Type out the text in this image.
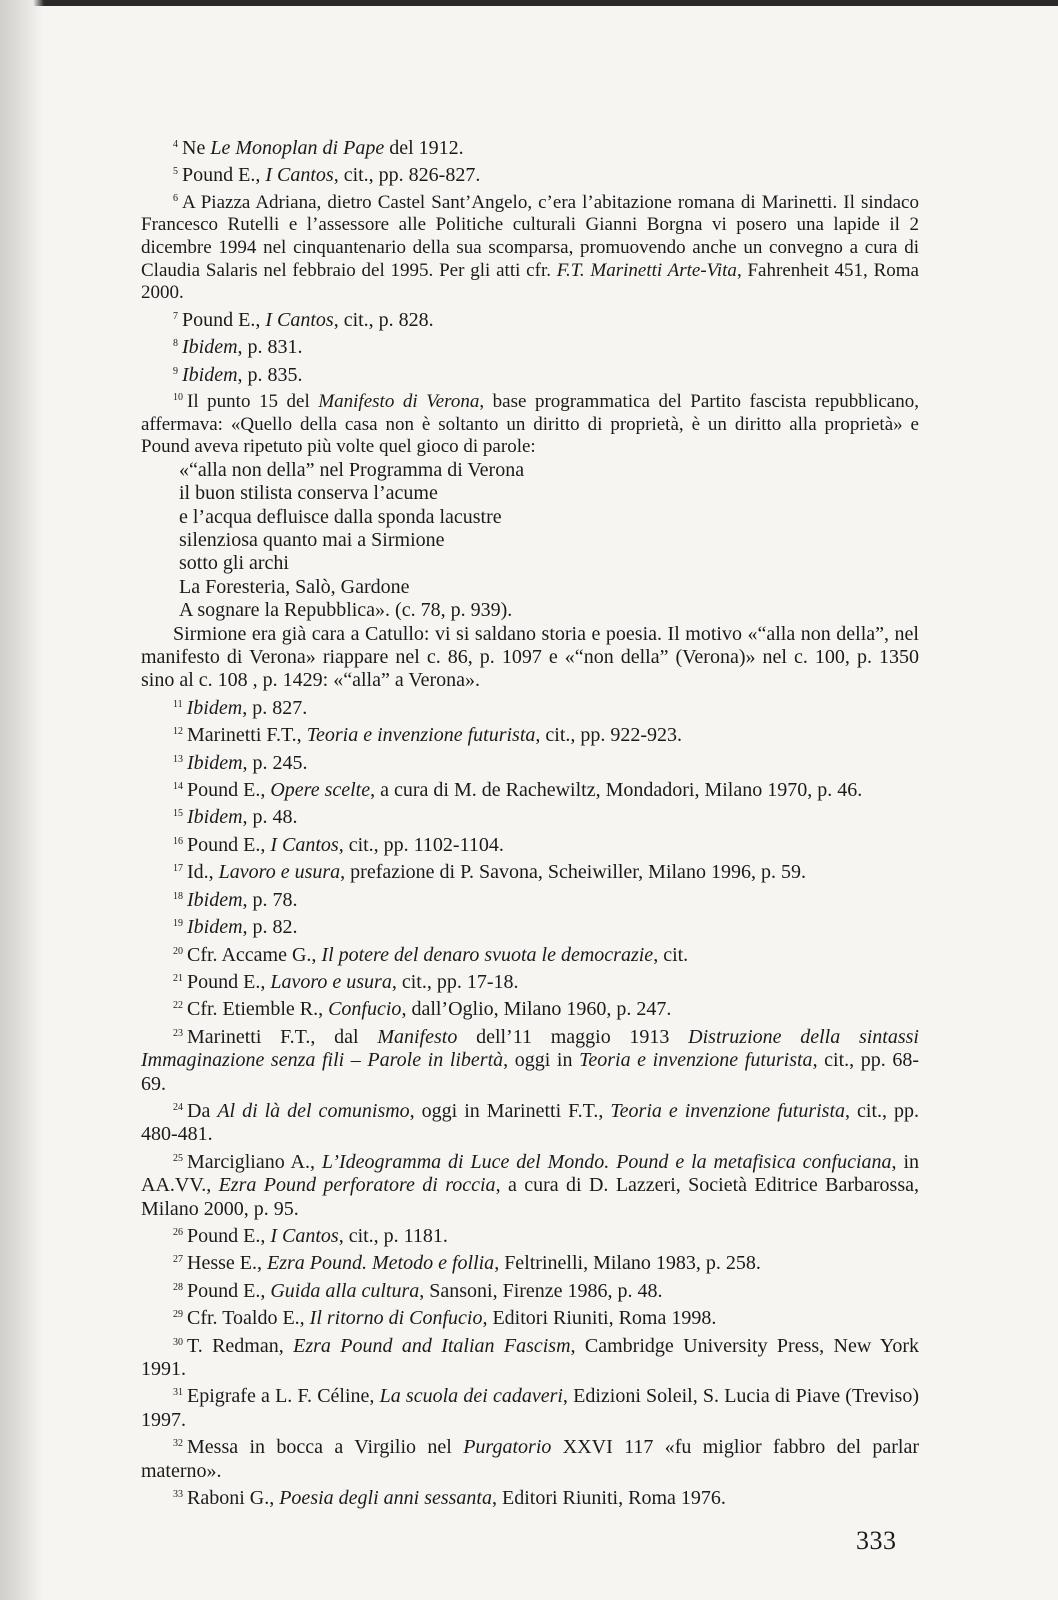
$^4$ Ne Le Monoplan di Pape del 1912.

$^5$ Pound E., I Cantos, cit., pp. 826-827.

$^6$ A Piazza Adriana, dietro Castel Sant’Angelo, c’era l’abitazione romana di Marinetti. Il sindaco Francesco Rutelli e l’assessore alle Politiche culturali Gianni Borgna vi posero una lapide il 2 dicembre 1994 nel cinquantenario della sua scomparsa, promuovendo anche un convegno a cura di Claudia Salaris nel febbraio del 1995. Per gli atti cfr. F.T. Marinetti Arte-Vita, Fahrenheit 451, Roma 2000.

$^7$ Pound E., I Cantos, cit., p. 828.

$^8$ Ibidem, p. 831.

$^9$ Ibidem, p. 835.

$^{10}$ Il punto 15 del Manifesto di Verona, base programmatica del Partito fascista repubblicano, affermava: «Quello della casa non è soltanto un diritto di proprietà, è un diritto alla proprietà» e Pound aveva ripetuto più volte quel gioco di parole:

«“alla non della” nel Programma di Verona
il buon stilista conserva l’acume
e l’acqua defluisce dalla sponda lacustre
silenziosa quanto mai a Sirmione
sotto gli archi
La Foresteria, Salò, Gardone
A sognare la Repubblica». (c. 78, p. 939).

Sirmione era già cara a Catullo: vi si saldano storia e poesia. Il motivo «“alla non della”, nel manifesto di Verona» riappare nel c. 86, p. 1097 e «“non della” (Verona)» nel c. 100, p. 1350 sino al c. 108 , p. 1429: «“alla” a Verona».

$^{11}$ Ibidem, p. 827.

$^{12}$ Marinetti F.T., Teoria e invenzione futurista, cit., pp. 922-923.

$^{13}$ Ibidem, p. 245.

$^{14}$ Pound E., Opere scelte, a cura di M. de Rachewiltz, Mondadori, Milano 1970, p. 46.

$^{15}$ Ibidem, p. 48.

$^{16}$ Pound E., I Cantos, cit., pp. 1102-1104.

$^{17}$ Id., Lavoro e usura, prefazione di P. Savona, Scheiwiller, Milano 1996, p. 59.

$^{18}$ Ibidem, p. 78.

$^{19}$ Ibidem, p. 82.

$^{20}$ Cfr. Accame G., Il potere del denaro svuota le democrazie, cit.

$^{21}$ Pound E., Lavoro e usura, cit., pp. 17-18.

$^{22}$ Cfr. Etiemble R., Confucio, dall’Oglio, Milano 1960, p. 247.

$^{23}$ Marinetti F.T., dal Manifesto dell’11 maggio 1913 Distruzione della sintassi Immaginazione senza fili – Parole in libertà, oggi in Teoria e invenzione futurista, cit., pp. 68-69.

$^{24}$ Da Al di là del comunismo, oggi in Marinetti F.T., Teoria e invenzione futurista, cit., pp. 480-481.

$^{25}$ Marcigliano A., L’Ideogramma di Luce del Mondo. Pound e la metafisica confuciana, in AA.VV., Ezra Pound perforatore di roccia, a cura di D. Lazzeri, Società Editrice Barbarossa, Milano 2000, p. 95.

$^{26}$ Pound E., I Cantos, cit., p. 1181.

$^{27}$ Hesse E., Ezra Pound. Metodo e follia, Feltrinelli, Milano 1983, p. 258.

$^{28}$ Pound E., Guida alla cultura, Sansoni, Firenze 1986, p. 48.

$^{29}$ Cfr. Toaldo E., Il ritorno di Confucio, Editori Riuniti, Roma 1998.

$^{30}$ T. Redman, Ezra Pound and Italian Fascism, Cambridge University Press, New York 1991.

$^{31}$ Epigrafe a L. F. Céline, La scuola dei cadaveri, Edizioni Soleil, S. Lucia di Piave (Treviso) 1997.

$^{32}$ Messa in bocca a Virgilio nel Purgatorio XXVI 117 «fu miglior fabbro del parlar materno».

$^{33}$ Raboni G., Poesia degli anni sessanta, Editori Riuniti, Roma 1976.

333
